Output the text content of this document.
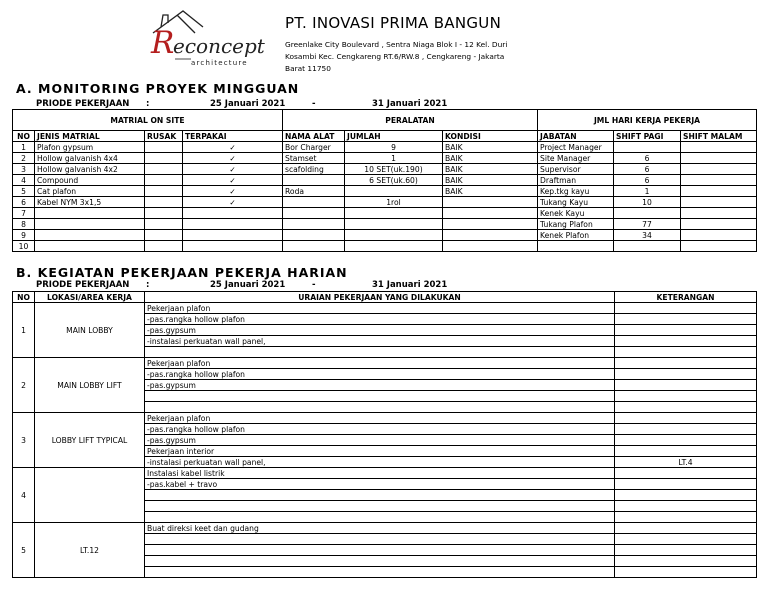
R
econcept
architecture
PT. INOVASI PRIMA BANGUN
Greenlake City Boulevard , Sentra Niaga Blok I - 12 Kel. Duri
Kosambi Kec. Cengkareng RT.6/RW.8 , Cengkareng - Jakarta
Barat 11750
A. MONITORING PROYEK MINGGUAN
PRIODE PEKERJAAN :	25 Januari 2021	-	31 Januari 2021
MATRIAL ON SITE				PERALATAN			JML HARI KERJA PEKERJA		
NO	JENIS MATRIAL	RUSAK	TERPAKAI	NAMA ALAT	JUMLAH	KONDISI	JABATAN	SHIFT PAGI	SHIFT MALAM
1	Plafon gypsum		✓	Bor Charger	9	BAIK	Project Manager		
2	Hollow galvanish 4x4		✓	Stamset	1	BAIK	Site Manager	6	
3	Hollow galvanish 4x2		✓	scafolding	10 SET(uk.190)	BAIK	Supervisor	6	
4	Compound		✓		6 SET(uk.60)	BAIK	Draftman	6	
5	Cat plafon		✓	Roda		BAIK	Kep.tkg kayu	1	
6	Kabel NYM 3x1,5		✓		1rol		Tukang Kayu	10	
7							Kenek Kayu		
8							Tukang Plafon	77	
9							Kenek Plafon	34	
10									
B. KEGIATAN PEKERJAAN PEKERJA HARIAN
PRIODE PEKERJAAN :	25 Januari 2021	-	31 Januari 2021
NO	LOKASI/AREA KERJA	URAIAN PEKERJAAN YANG DILAKUKAN	KETERANGAN
1	MAIN LOBBY	Pekerjaan plafon	
		-pas.rangka hollow plafon	
		-pas.gypsum	
		-instalasi perkuatan wall panel,	

2	MAIN LOBBY LIFT	Pekerjaan plafon	
		-pas.rangka hollow plafon	
		-pas.gypsum	

3	LOBBY LIFT TYPICAL	Pekerjaan plafon	
		-pas.rangka hollow plafon	
		-pas.gypsum	
		Pekerjaan interior	
		-instalasi perkuatan wall panel,	LT.4
4		Instalasi kabel listrik	
		-pas.kabel + travo	

5	LT.12	Buat direksi keet dan gudang	
